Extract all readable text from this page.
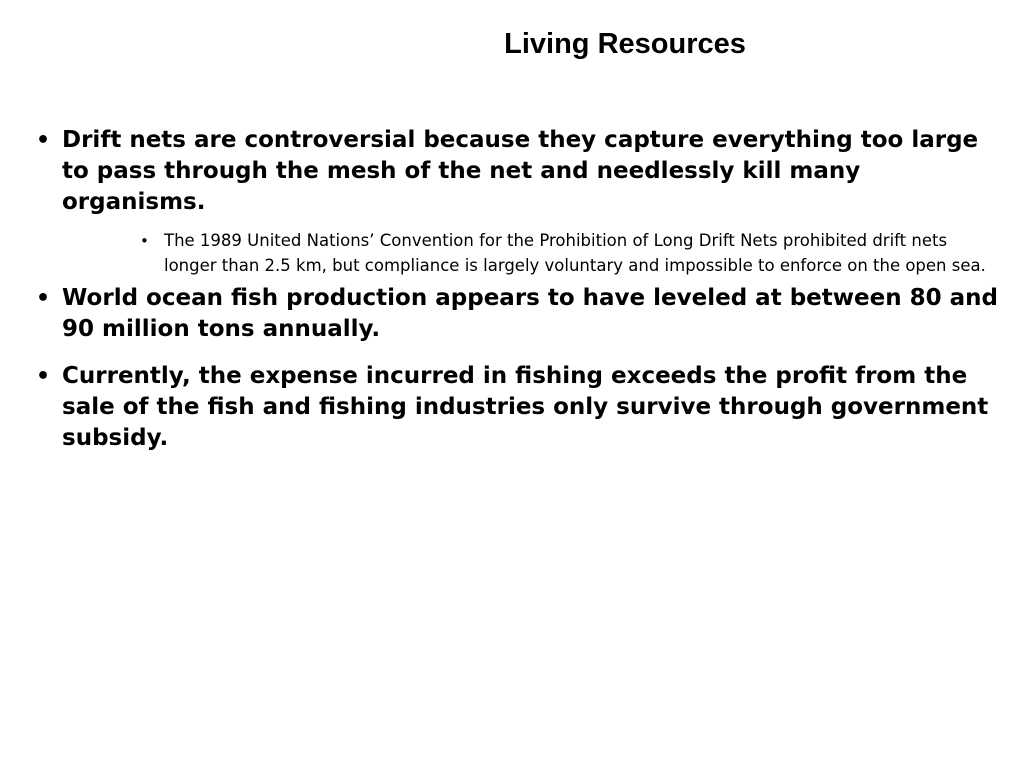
Living Resources
• Drift nets are controversial because they capture everything too large to pass through the mesh of the net and needlessly kill many organisms.
• The 1989 United Nations’ Convention for the Prohibition of Long Drift Nets prohibited drift nets longer than 2.5 km, but compliance is largely voluntary and impossible to enforce on the open sea.
• World ocean fish production appears to have leveled at between 80 and 90 million tons annually.
• Currently, the expense incurred in fishing exceeds the profit from the sale of the fish and fishing industries only survive through government subsidy.
